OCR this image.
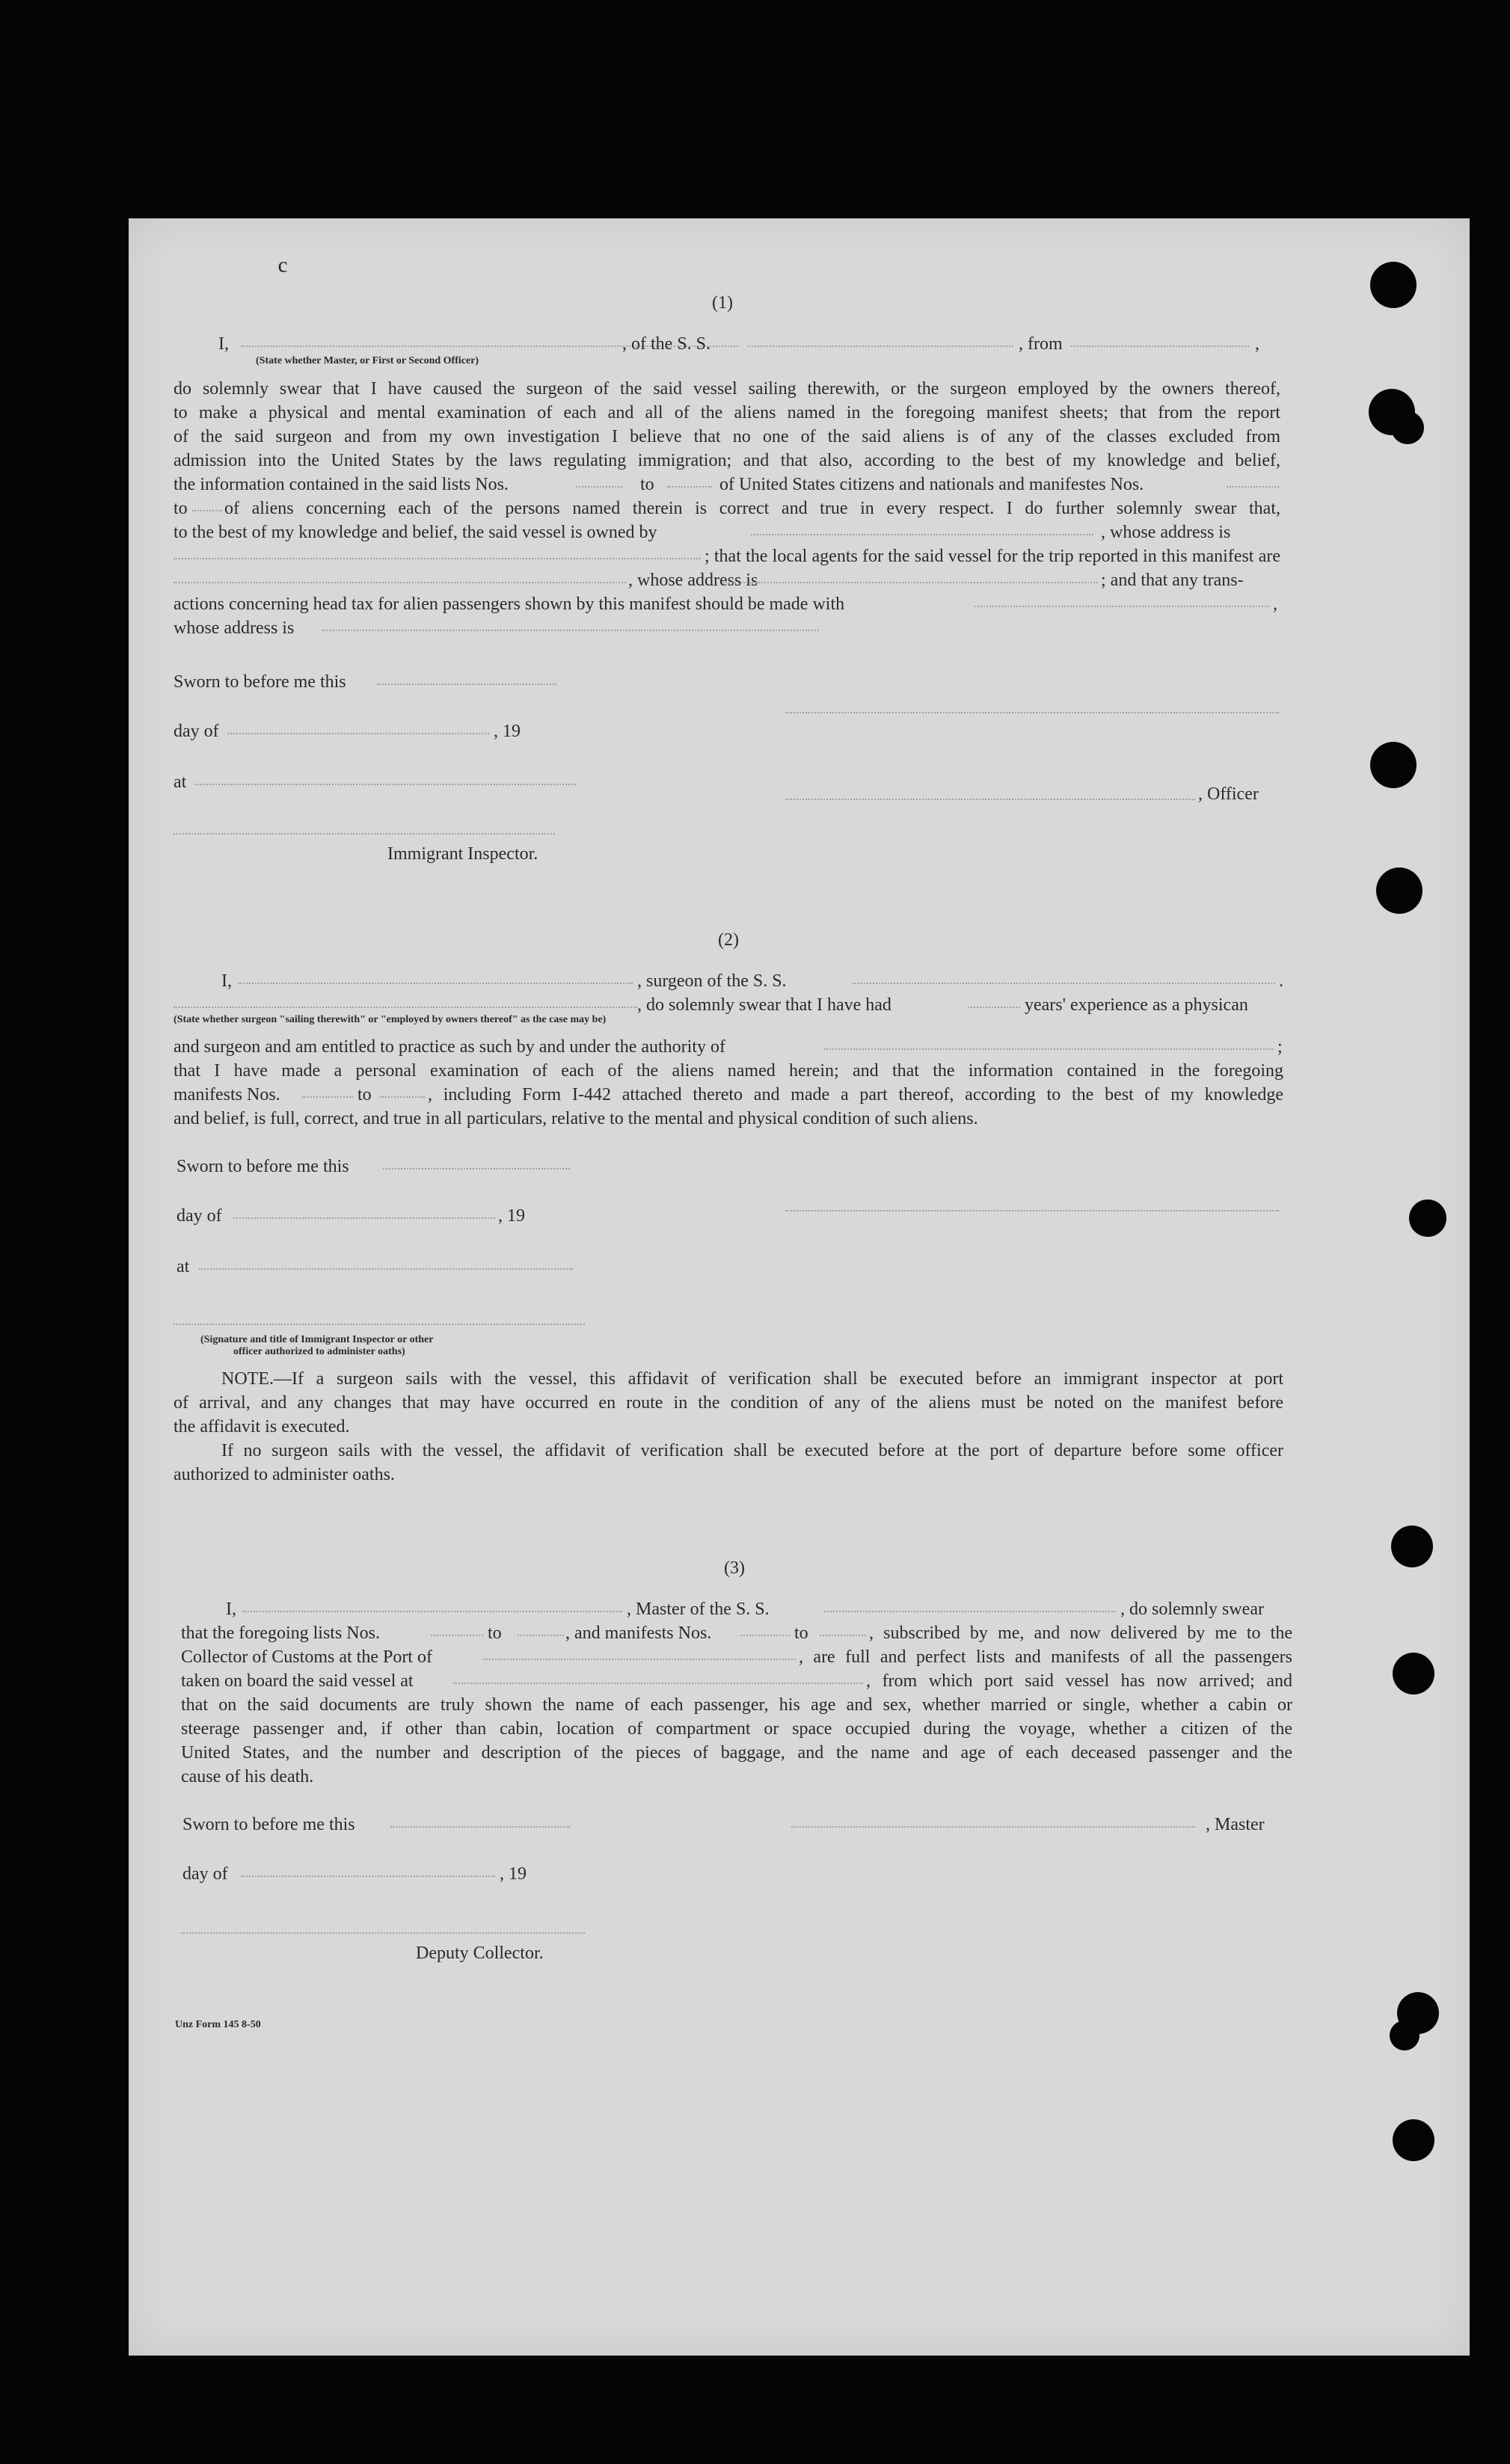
ᶜ
(1)
I,	, of the S. S.	, from	,
(State whether Master, or First or Second Officer)
do solemnly swear that I have caused the surgeon of the said vessel sailing therewith, or the surgeon employed by the owners thereof,
to make a physical and mental examination of each and all of the aliens named in the foregoing manifest sheets; that from the report
of the said surgeon and from my own investigation I believe that no one of the said aliens is of any of the classes excluded from
admission into the United States by the laws regulating immigration; and that also, according to the best of my knowledge and belief,
the information contained in the said lists Nos.	to	of United States citizens and nationals and manifestes Nos.
to of aliens concerning each of the persons named therein is correct and true in every respect. I do further solemnly swear that,
to the best of my knowledge and belief, the said vessel is owned by	, whose address is
; that the local agents for the said vessel for the trip reported in this manifest are
, whose address is	; and that any trans-
actions concerning head tax for alien passengers shown by this manifest should be made with	,
whose address is
Sworn to before me this
day of	, 19
at
, Officer
Immigrant Inspector.
(2)
I,	, surgeon of the S. S.	.
, do solemnly swear that I have had	years' experience as a physican
(State whether surgeon "sailing therewith" or "employed by owners thereof" as the case may be)
and surgeon and am entitled to practice as such by and under the authority of	;
that I have made a personal examination of each of the aliens named herein; and that the information contained in the foregoing
manifests Nos.	to	, including Form I-442 attached thereto and made a part thereof, according to the best of my knowledge
and belief, is full, correct, and true in all particulars, relative to the mental and physical condition of such aliens.
Sworn to before me this
day of	, 19
at
(Signature and title of Immigrant Inspector or other
officer authorized to administer oaths)
NOTE.—If a surgeon sails with the vessel, this affidavit of verification shall be executed before an immigrant inspector at port
of arrival, and any changes that may have occurred en route in the condition of any of the aliens must be noted on the manifest before
the affidavit is executed.
If no surgeon sails with the vessel, the affidavit of verification shall be executed before at the port of departure before some officer
authorized to administer oaths.
(3)
I,	, Master of the S. S.	, do solemnly swear
that the foregoing lists Nos.	to	, and manifests Nos.	to	, subscribed by me, and now delivered by me to the
Collector of Customs at the Port of	, are full and perfect lists and manifests of all the passengers
taken on board the said vessel at	, from which port said vessel has now arrived; and
that on the said documents are truly shown the name of each passenger, his age and sex, whether married or single, whether a cabin or
steerage passenger and, if other than cabin, location of compartment or space occupied during the voyage, whether a citizen of the
United States, and the number and description of the pieces of baggage, and the name and age of each deceased passenger and the
cause of his death.
Sworn to before me this	, Master
day of	, 19
Deputy Collector.
Unz Form 145 8-50
